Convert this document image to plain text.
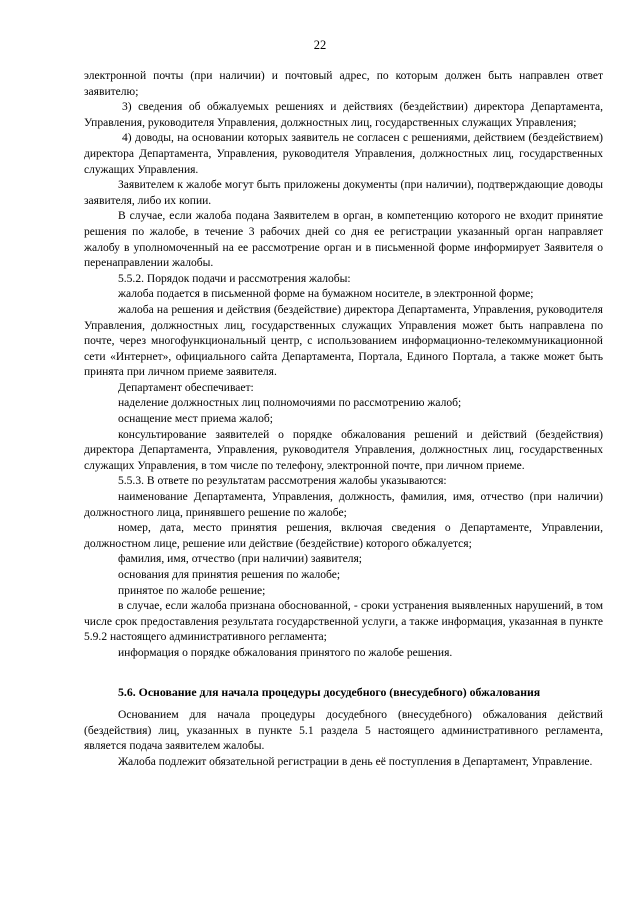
22

электронной почты (при наличии) и почтовый адрес, по которым должен быть направлен ответ заявителю;

3) сведения об обжалуемых решениях и действиях (бездействии) директора Департамента, Управления, руководителя Управления, должностных лиц, государственных служащих Управления;

4) доводы, на основании которых заявитель не согласен с решениями, действием (бездействием) директора Департамента, Управления, руководителя Управления, должностных лиц, государственных служащих Управления.

Заявителем к жалобе могут быть приложены документы (при наличии), подтверждающие доводы заявителя, либо их копии.

В случае, если жалоба подана Заявителем в орган, в компетенцию которого не входит принятие решения по жалобе, в течение 3 рабочих дней со дня ее регистрации указанный орган направляет жалобу в уполномоченный на ее рассмотрение орган и в письменной форме информирует Заявителя о перенаправлении жалобы.

5.5.2. Порядок подачи и рассмотрения жалобы:

жалоба подается в письменной форме на бумажном носителе, в электронной форме;

жалоба на решения и действия (бездействие) директора Департамента, Управления, руководителя Управления, должностных лиц, государственных служащих Управления может быть направлена по почте, через многофункциональный центр, с использованием информационно-телекоммуникационной сети «Интернет», официального сайта Департамента, Портала, Единого Портала, а также может быть принята при личном приеме заявителя.

Департамент обеспечивает:

наделение должностных лиц полномочиями по рассмотрению жалоб;

оснащение мест приема жалоб;

консультирование заявителей о порядке обжалования решений и действий (бездействия) директора Департамента, Управления, руководителя Управления, должностных лиц, государственных служащих Управления, в том числе по телефону, электронной почте, при личном приеме.

5.5.3. В ответе по результатам рассмотрения жалобы указываются:

наименование Департамента, Управления, должность, фамилия, имя, отчество (при наличии) должностного лица, принявшего решение по жалобе;

номер, дата, место принятия решения, включая сведения о Департаменте, Управлении, должностном лице, решение или действие (бездействие) которого обжалуется;

фамилия, имя, отчество (при наличии) заявителя;

основания для принятия решения по жалобе;

принятое по жалобе решение;

в случае, если жалоба признана обоснованной, - сроки устранения выявленных нарушений, в том числе срок предоставления результата государственной услуги, а также информация, указанная в пункте 5.9.2 настоящего административного регламента;

информация о порядке обжалования принятого по жалобе решения.

5.6. Основание для начала процедуры досудебного (внесудебного) обжалования

Основанием для начала процедуры досудебного (внесудебного) обжалования действий (бездействия) лиц, указанных в пункте 5.1 раздела 5 настоящего административного регламента, является подача заявителем жалобы.

Жалоба подлежит обязательной регистрации в день её поступления в Департамент, Управление.
